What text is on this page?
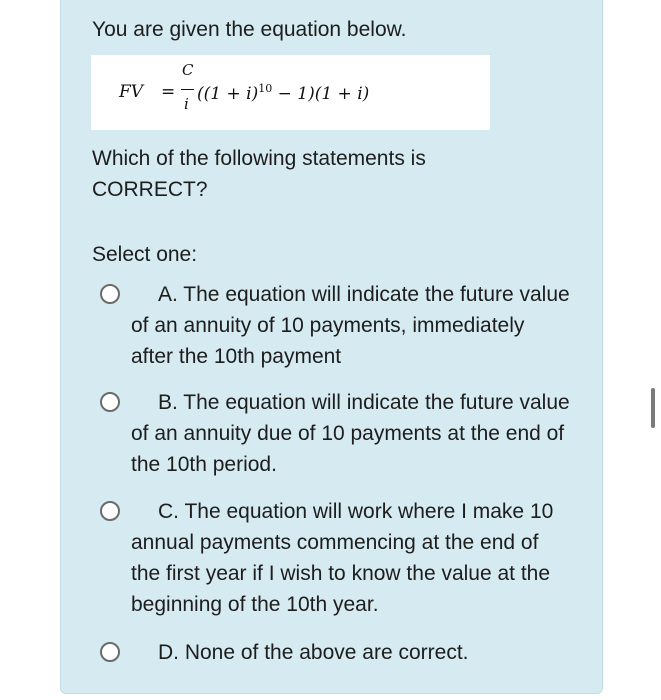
You are given the equation below.
FV =
C
i $((1 + i)^{10} - 1)(1 + i)$
Which of the following statements is CORRECT?
Select one:

A. The equation will indicate the future value of an annuity of 10 payments, immediately after the 10th payment

B. The equation will indicate the future value of an annuity due of 10 payments at the end of the 10th period.

C. The equation will work where I make 10 annual payments commencing at the end of the first year if I wish to know the value at the beginning of the 10th year.

D. None of the above are correct.
